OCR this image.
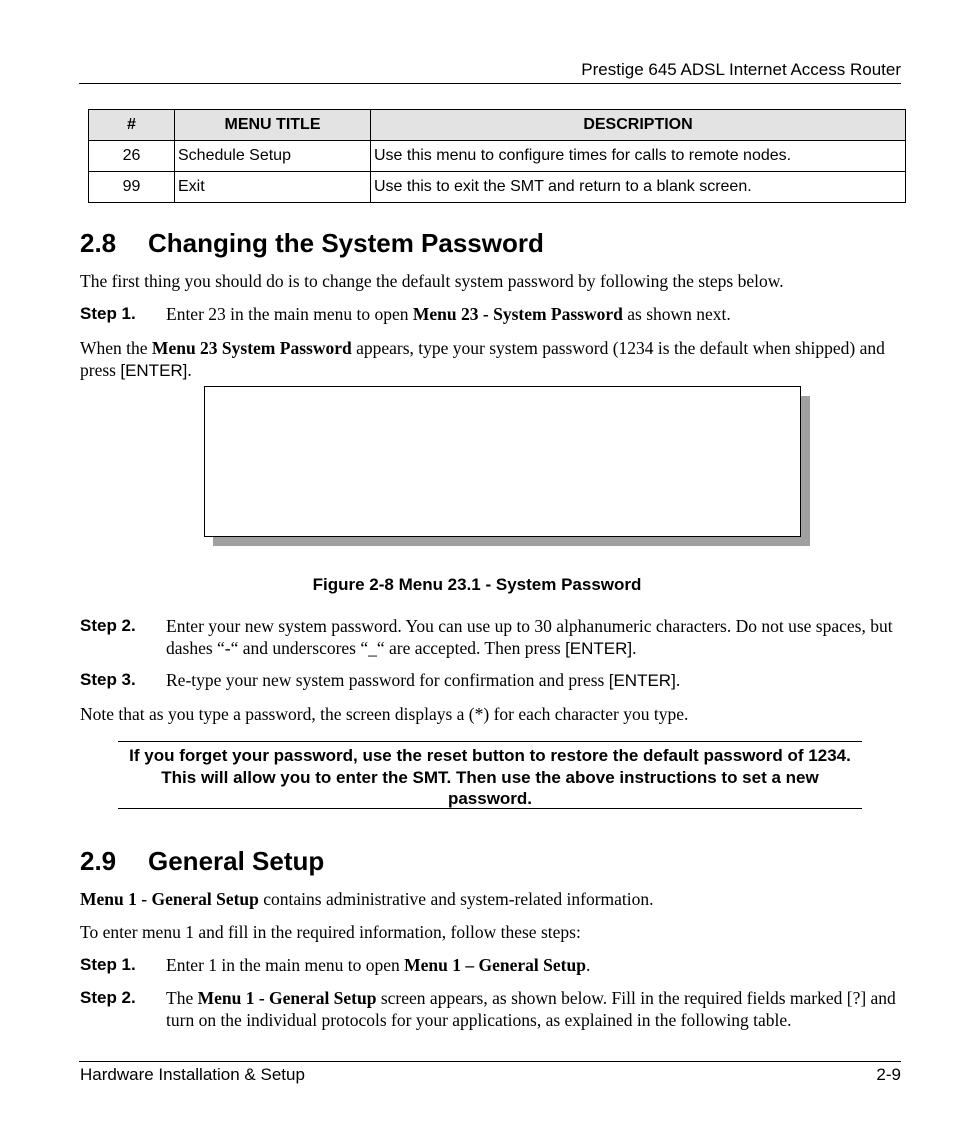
Prestige 645 ADSL Internet Access Router
#	MENU TITLE	DESCRIPTION
26	Schedule Setup	Use this menu to configure times for calls to remote nodes.
99	Exit	Use this to exit the SMT and return to a blank screen.
2.8 Changing the System Password

The first thing you should do is to change the default system password by following the steps below.

Step 1. Enter 23 in the main menu to open Menu 23 - System Password as shown next.

When the Menu 23 System Password appears, type your system password (1234 is the default when shipped) and press [ENTER].

Figure 2-8 Menu 23.1 - System Password
Step 2. Enter your new system password. You can use up to 30 alphanumeric characters. Do not use spaces, but dashes “-“ and underscores “_“ are accepted. Then press [ENTER].
Step 3. Re-type your new system password for confirmation and press [ENTER].

Note that as you type a password, the screen displays a (*) for each character you type.

If you forget your password, use the reset button to restore the default password of 1234. This will allow you to enter the SMT. Then use the above instructions to set a new password.
2.9 General Setup

Menu 1 - General Setup contains administrative and system-related information.

To enter menu 1 and fill in the required information, follow these steps:

Step 1. Enter 1 in the main menu to open Menu 1 – General Setup.
Step 2. The Menu 1 - General Setup screen appears, as shown below. Fill in the required fields marked [?] and turn on the individual protocols for your applications, as explained in the following table.
Hardware Installation & Setup	2-9
